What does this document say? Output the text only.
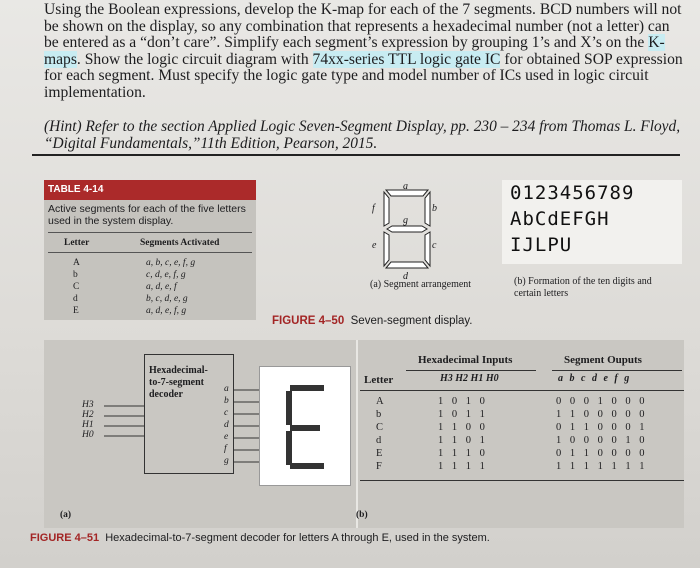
Using the Boolean expressions, develop the K-map for each of the 7 segments. BCD numbers will not be shown on the display, so any combination that represents a hexadecimal number (not a letter) can be entered as a “don’t care”. Simplify each segment’s expression by grouping 1’s and X’s on the K-maps. Show the logic circuit diagram with 74xx-series TTL logic gate IC for obtained SOP expression for each segment. Must specify the logic gate type and model number of ICs used in logic circuit implementation.
(Hint) Refer to the section Applied Logic Seven-Segment Display, pp. 230 – 234 from Thomas L. Floyd, “Digital Fundamentals,”11th Edition, Pearson, 2015.
TABLE 4-14
Active segments for each of the five letters used in the system display.
Letter	Segments Activated
A	a, b, c, e, f, g
b	c, d, e, f, g
C	a, d, e, f
d	b, c, d, e, g
E	a, d, e, f, g
a
b
c
d
e
f
g
(a) Segment arrangement
0123456789
AbCdEFGH
IJLPU
(b) Formation of the ten digits and certain letters
FIGURE 4–50 Seven-segment display.
Hexadecimal-to-7-segment decoder
H3
H2
H1
H0
a
b
c
d
e
f
g
(a)	(b)
Letter
Hexadecimal Inputs
H3 H2 H1 H0
Segment Ouputs
a b c d e f g
A	1 0 1 0	0 0 0 1 0 0 0
b	1 0 1 1	1 1 0 0 0 0 0
C	1 1 0 0	0 1 1 0 0 0 1
d	1 1 0 1	1 0 0 0 0 1 0
E	1 1 1 0	0 1 1 0 0 0 0
F	1 1 1 1	1 1 1 1 1 1 1
FIGURE 4–51 Hexadecimal-to-7-segment decoder for letters A through E, used in the system.
